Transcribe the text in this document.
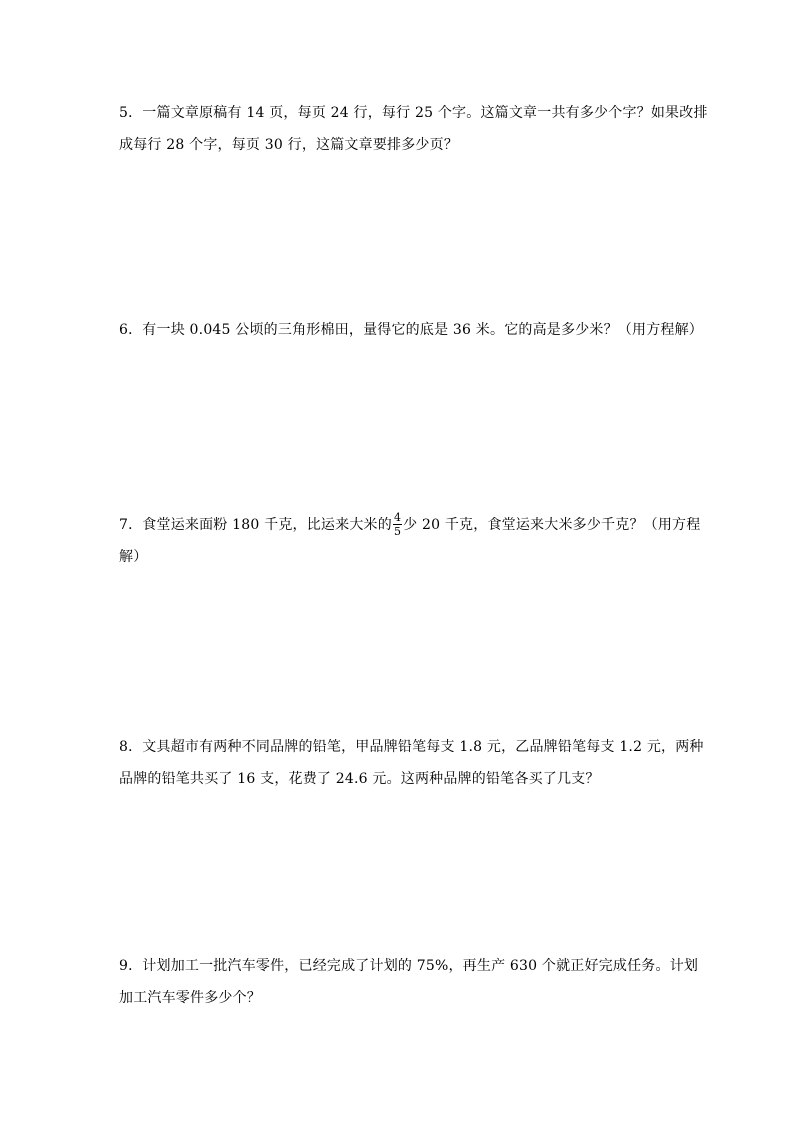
5．一篇文章原稿有 14 页，每页 24 行，每行 25 个字。这篇文章一共有多少个字？如果改排
成每行 28 个字，每页 30 行，这篇文章要排多少页？
6．有一块 0.045 公顷的三角形棉田，量得它的底是 36 米。它的高是多少米？（用方程解）
7．食堂运来面粉 180 千克，比运来大米的 $\frac{4}{5}$ 少 20 千克，食堂运来大米多少千克？（用方程
解）
8．文具超市有两种不同品牌的铅笔，甲品牌铅笔每支 1.8 元，乙品牌铅笔每支 1.2 元，两种
品牌的铅笔共买了 16 支，花费了 24.6 元。这两种品牌的铅笔各买了几支？
9．计划加工一批汽车零件，已经完成了计划的 75%，再生产 630 个就正好完成任务。计划
加工汽车零件多少个？
